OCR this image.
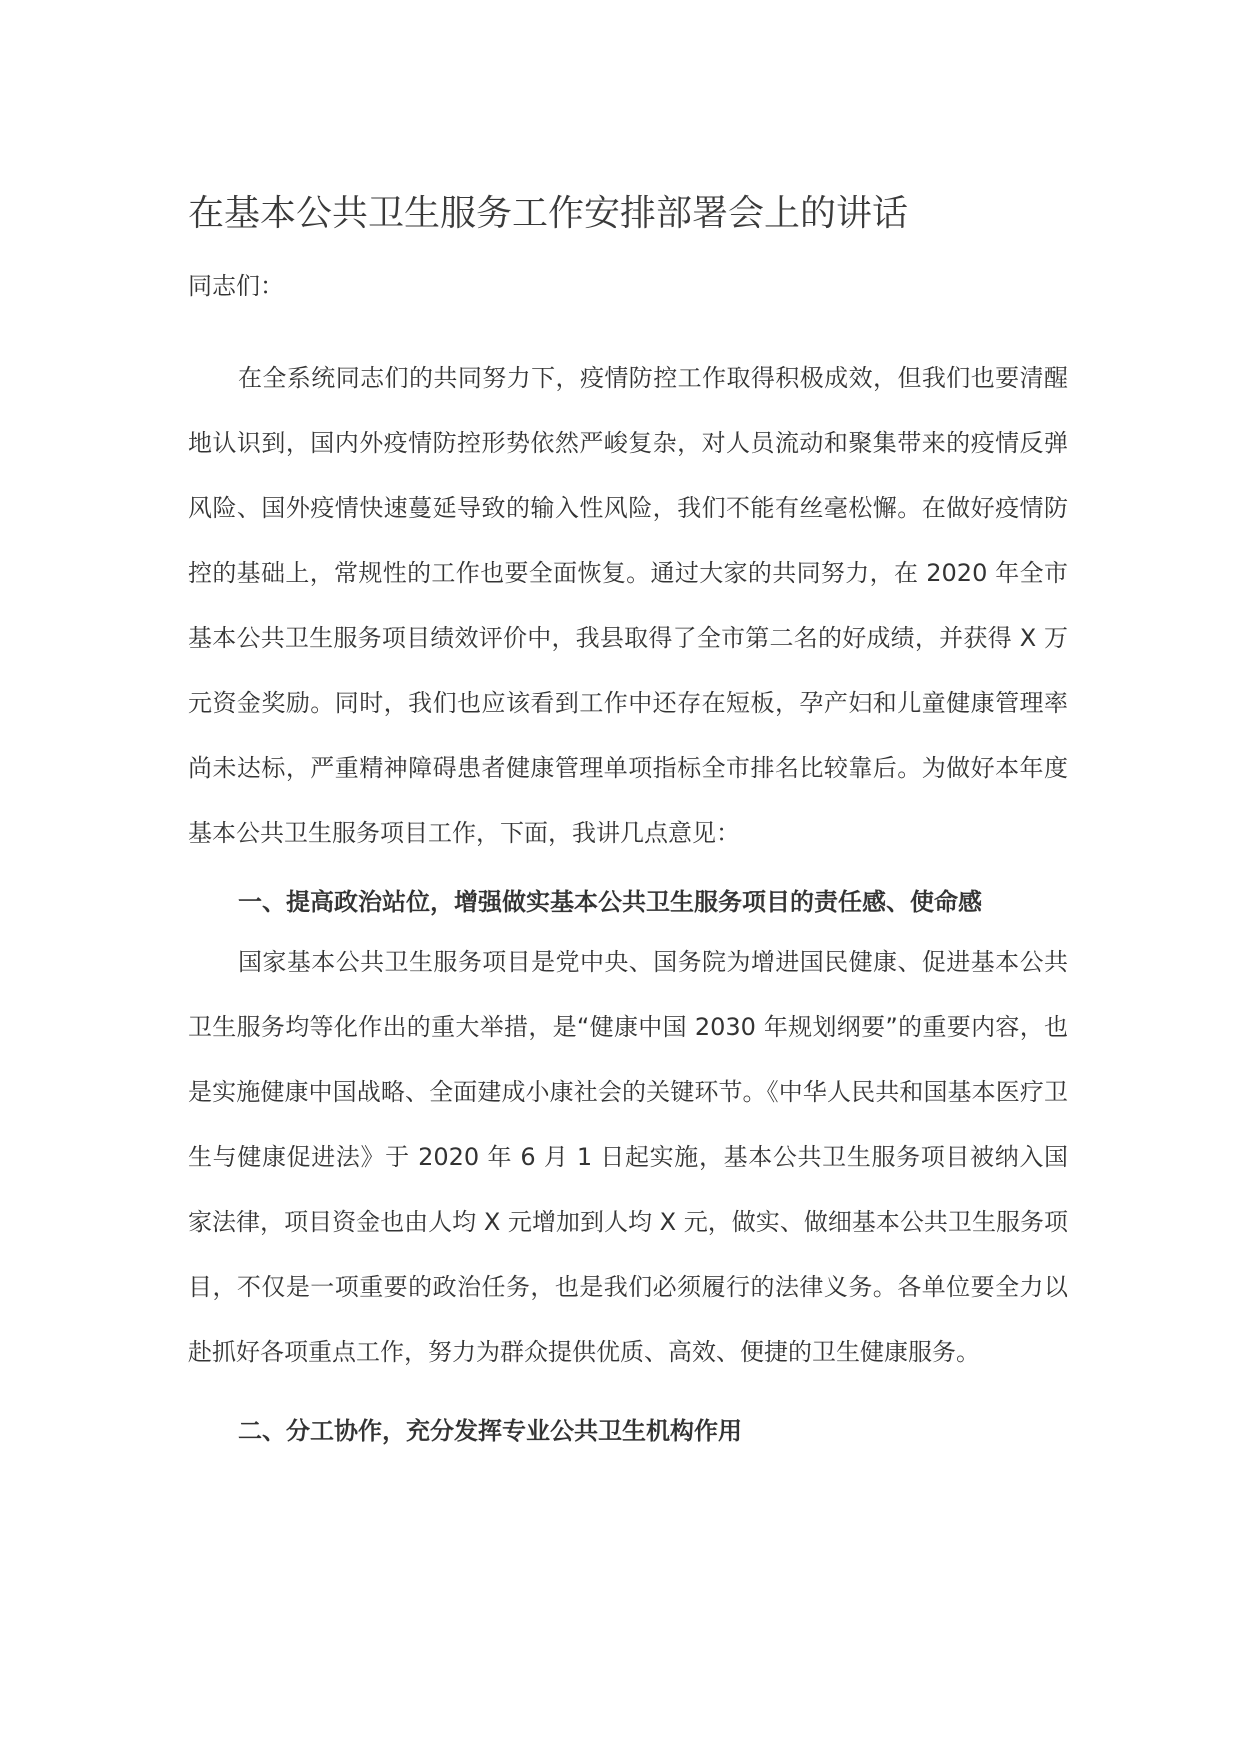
在基本公共卫生服务工作安排部署会上的讲话

同志们：

在全系统同志们的共同努力下，疫情防控工作取得积极成效，但我们也要清醒地认识到，国内外疫情防控形势依然严峻复杂，对人员流动和聚集带来的疫情反弹风险、国外疫情快速蔓延导致的输入性风险，我们不能有丝毫松懈。在做好疫情防控的基础上，常规性的工作也要全面恢复。通过大家的共同努力，在 2020 年全市基本公共卫生服务项目绩效评价中，我县取得了全市第二名的好成绩，并获得 X 万元资金奖励。同时，我们也应该看到工作中还存在短板，孕产妇和儿童健康管理率尚未达标，严重精神障碍患者健康管理单项指标全市排名比较靠后。为做好本年度基本公共卫生服务项目工作，下面，我讲几点意见：

一、提高政治站位，增强做实基本公共卫生服务项目的责任感、使命感

国家基本公共卫生服务项目是党中央、国务院为增进国民健康、促进基本公共卫生服务均等化作出的重大举措，是“健康中国 2030 年规划纲要”的重要内容，也是实施健康中国战略、全面建成小康社会的关键环节。《中华人民共和国基本医疗卫生与健康促进法》于 2020 年 6 月 1 日起实施，基本公共卫生服务项目被纳入国家法律，项目资金也由人均 X 元增加到人均 X 元，做实、做细基本公共卫生服务项目，不仅是一项重要的政治任务，也是我们必须履行的法律义务。各单位要全力以赴抓好各项重点工作，努力为群众提供优质、高效、便捷的卫生健康服务。

二、分工协作，充分发挥专业公共卫生机构作用
